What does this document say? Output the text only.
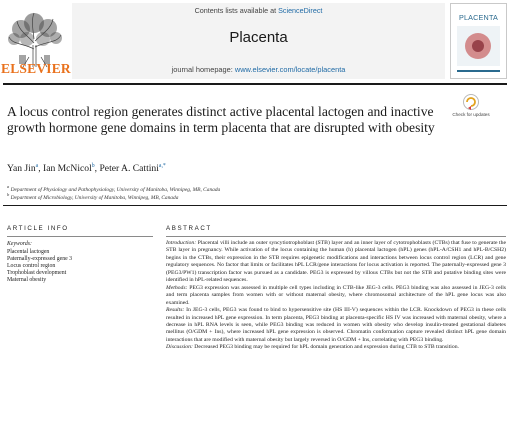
ELSEVIER
Contents lists available at ScienceDirect
Placenta
journal homepage: www.elsevier.com/locate/placenta
PLACENTA
A locus control region generates distinct active placental lactogen and inactive growth hormone gene domains in term placenta that are disrupted with obesity
Check for updates
Yan Jin$^a$, Ian McNicol$^b$, Peter A. Cattini$^{a,*}$
$^a$ Department of Physiology and Pathophysiology, University of Manitoba, Winnipeg, MB, Canada
$^b$ Department of Microbiology, University of Manitoba, Winnipeg, MB, Canada
ARTICLE INFO
Keywords:
Placental lactogen
Paternally-expressed gene 3
Locus control region
Trophoblast development
Maternal obesity
ABSTRACT

Introduction: Placental villi include an outer syncytiotrophoblast (STB) layer and an inner layer of cytotrophoblasts (CTBs) that fuse to generate the STB layer in pregnancy. While activation of the locus containing the human (h) placental lactogen (hPL) genes (hPL-A/CSH1 and hPL-B/CSH2) begins in the CTBs, their expression in the STB requires epigenetic modifications and interactions between locus control region (LCR) and gene regulatory sequences. No factor that limits or facilitates hPL LCR/gene interactions for locus activation is reported. The paternally-expressed gene 3 (PEG3/PW1) transcription factor was pursued as a candidate. PEG3 is expressed by villous CTBs but not the STB and putative binding sites were identified in hPL-related sequences.

Methods: PEG3 expression was assessed in multiple cell types including in CTB-like JEG-3 cells. PEG3 binding was also assessed in JEG-3 cells and term placenta samples from women with or without maternal obesity, where chromosomal architecture of the hPL gene locus was also examined.

Results: In JEG-3 cells, PEG3 was found to bind to hypersensitive site (HS III-V) sequences within the LCR. Knockdown of PEG3 in these cells resulted in increased hPL gene expression. In term placenta, PEG3 binding at placenta-specific HS IV was increased with maternal obesity, where a decrease in hPL RNA levels is seen, while PEG3 binding was reduced in women with obesity who develop insulin-treated gestational diabetes mellitus (O/GDM + Ins), where increased hPL gene expression is observed. Chromatin conformation capture revealed distinct hPL gene domain interactions that are modified with maternal obesity but largely reversed in O/GDM + Ins, correlating with PEG3 binding.

Discussion: Decreased PEG3 binding may be required for hPL domain generation and expression during CTB to STB transition.
